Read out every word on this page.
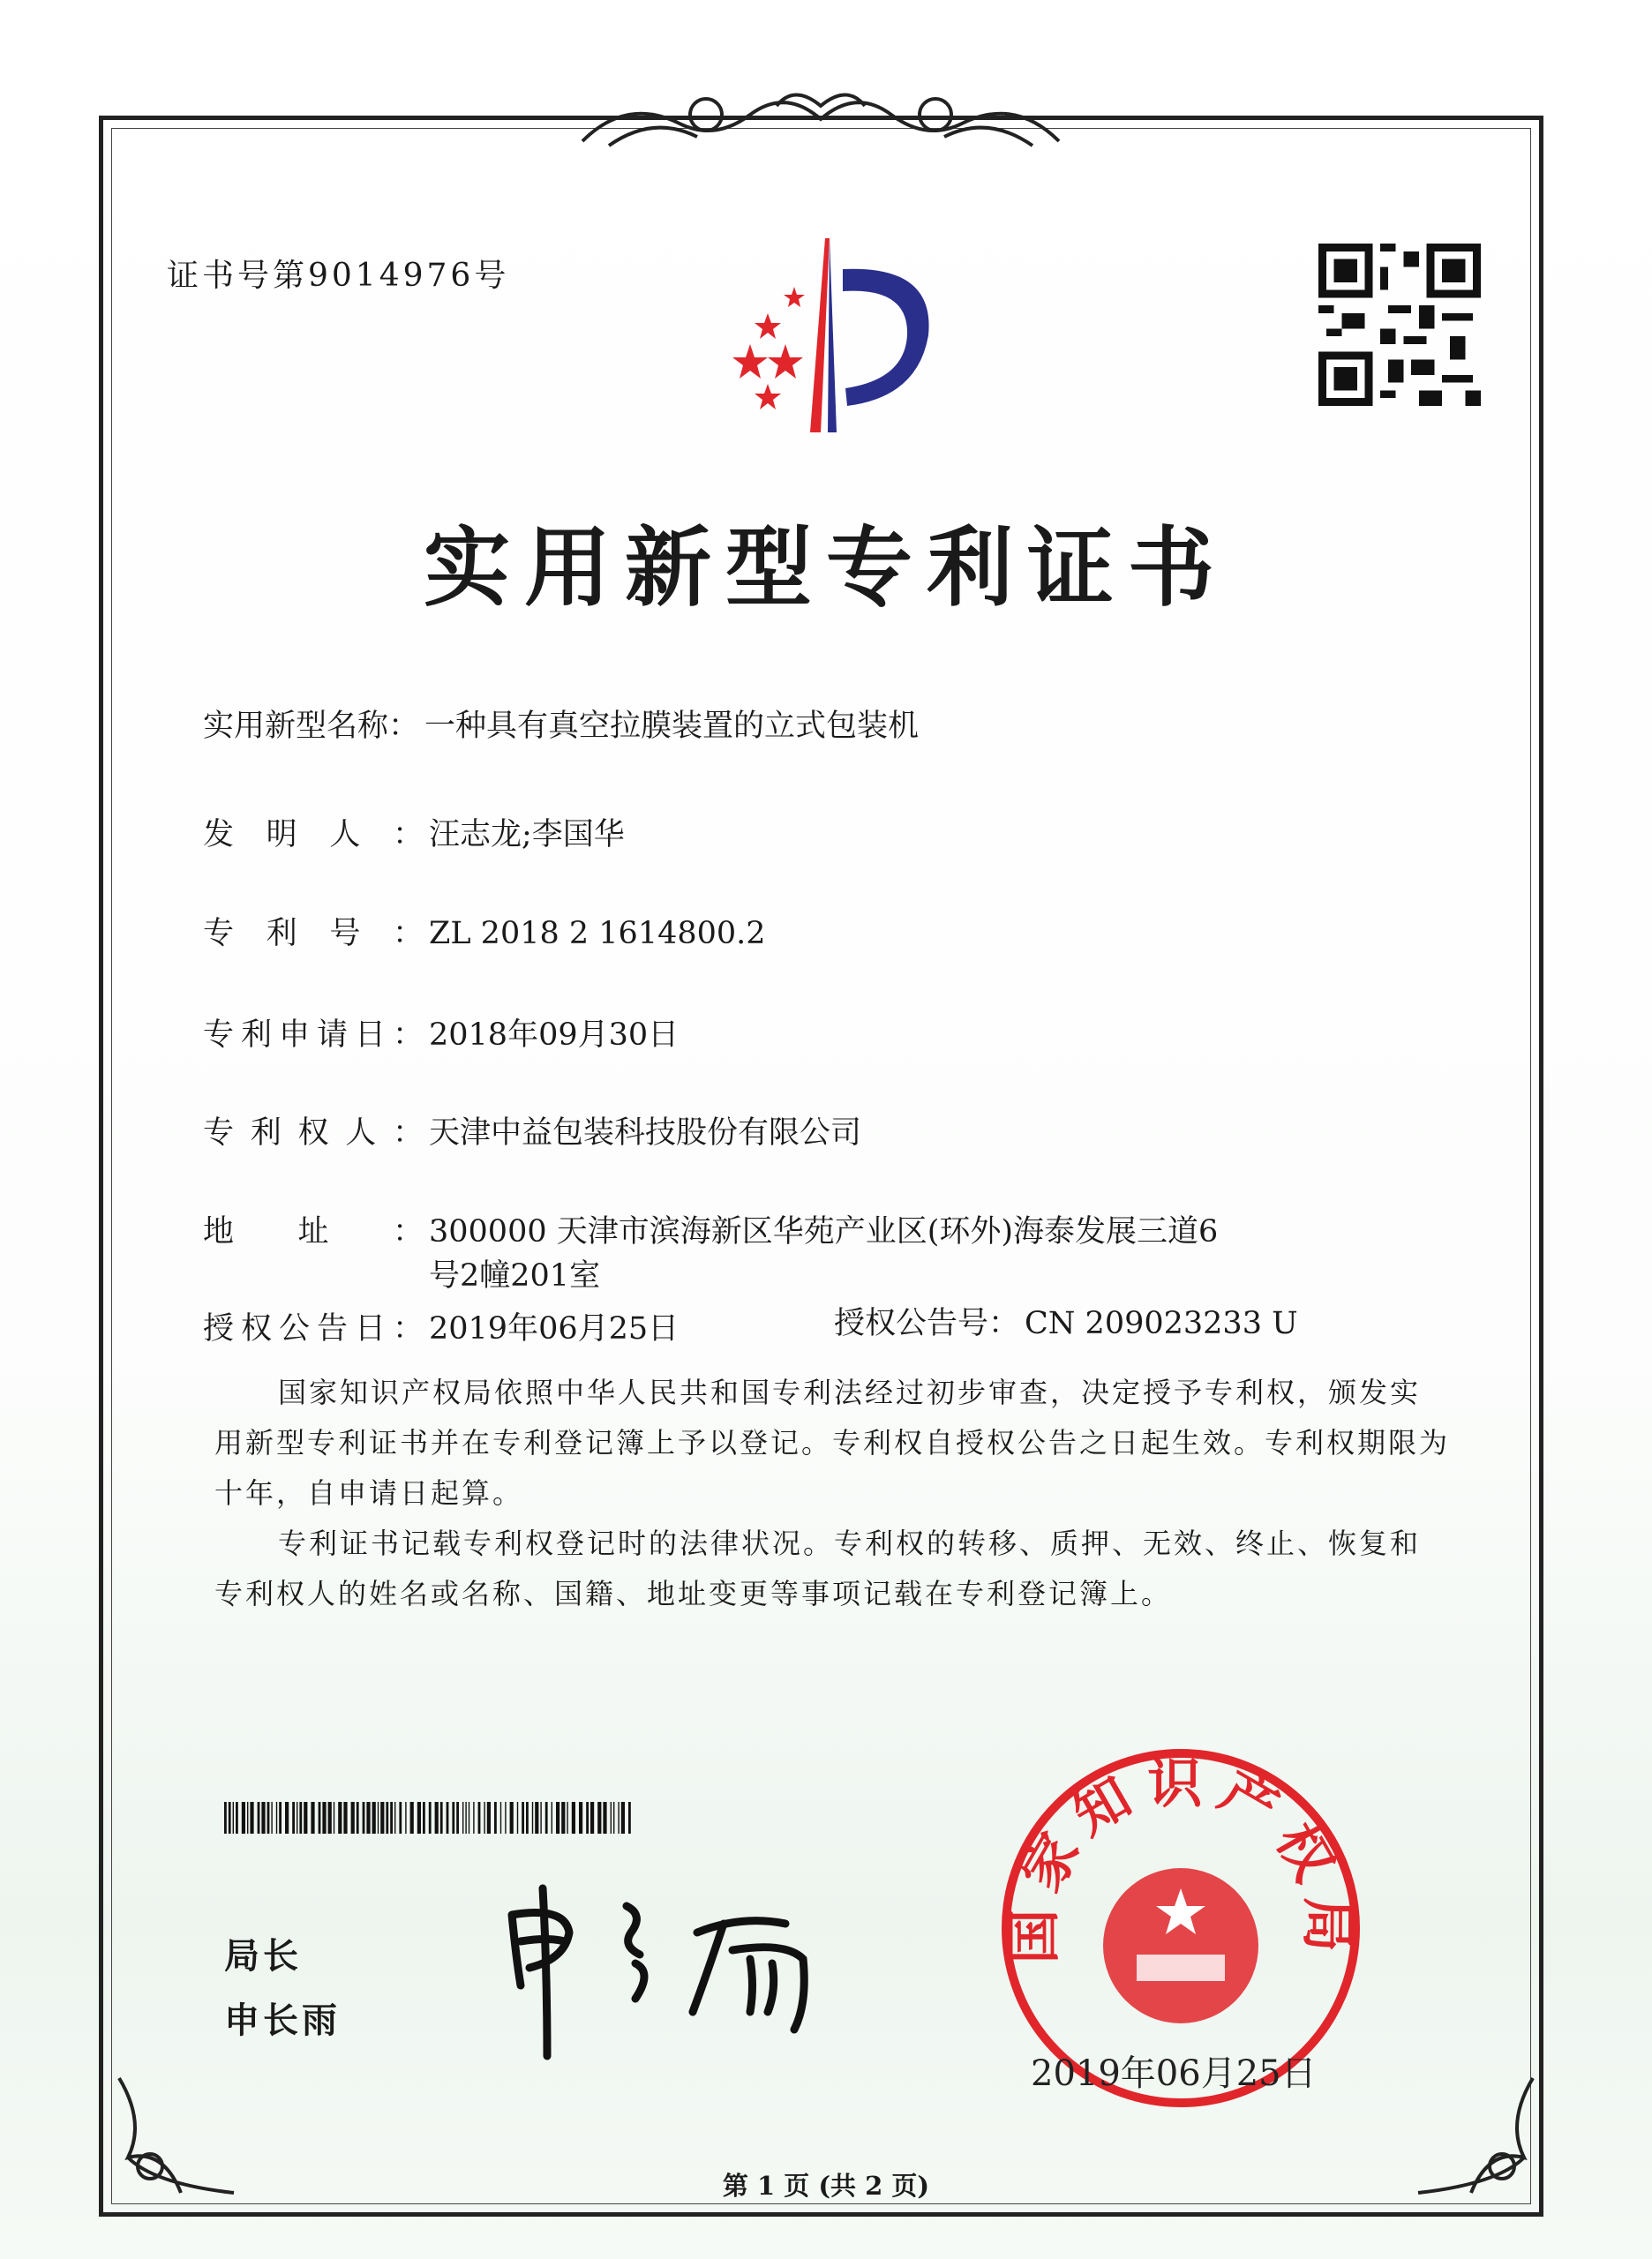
证书号第9014976号
实用新型专利证书
实用新型名称： 一种具有真空拉膜装置的立式包装机
发明人： 汪志龙;李国华
专利号： ZL 2018 2 1614800.2
专利申请日： 2018年09月30日
专利权人： 天津中益包装科技股份有限公司
地址： 300000 天津市滨海新区华苑产业区(环外)海泰发展三道6
号2幢201室
授权公告日： 2019年06月25日	授权公告号： CN 209023233 U

国家知识产权局依照中华人民共和国专利法经过初步审查，决定授予专利权，颁发实用新型专利证书并在专利登记簿上予以登记。专利权自授权公告之日起生效。专利权期限为十年，自申请日起算。

专利证书记载专利权登记时的法律状况。专利权的转移、质押、无效、终止、恢复和专利权人的姓名或名称、国籍、地址变更等事项记载在专利登记簿上。

局长
申长雨
国家知识产权局
2019年06月25日
第 1 页 (共 2 页)
